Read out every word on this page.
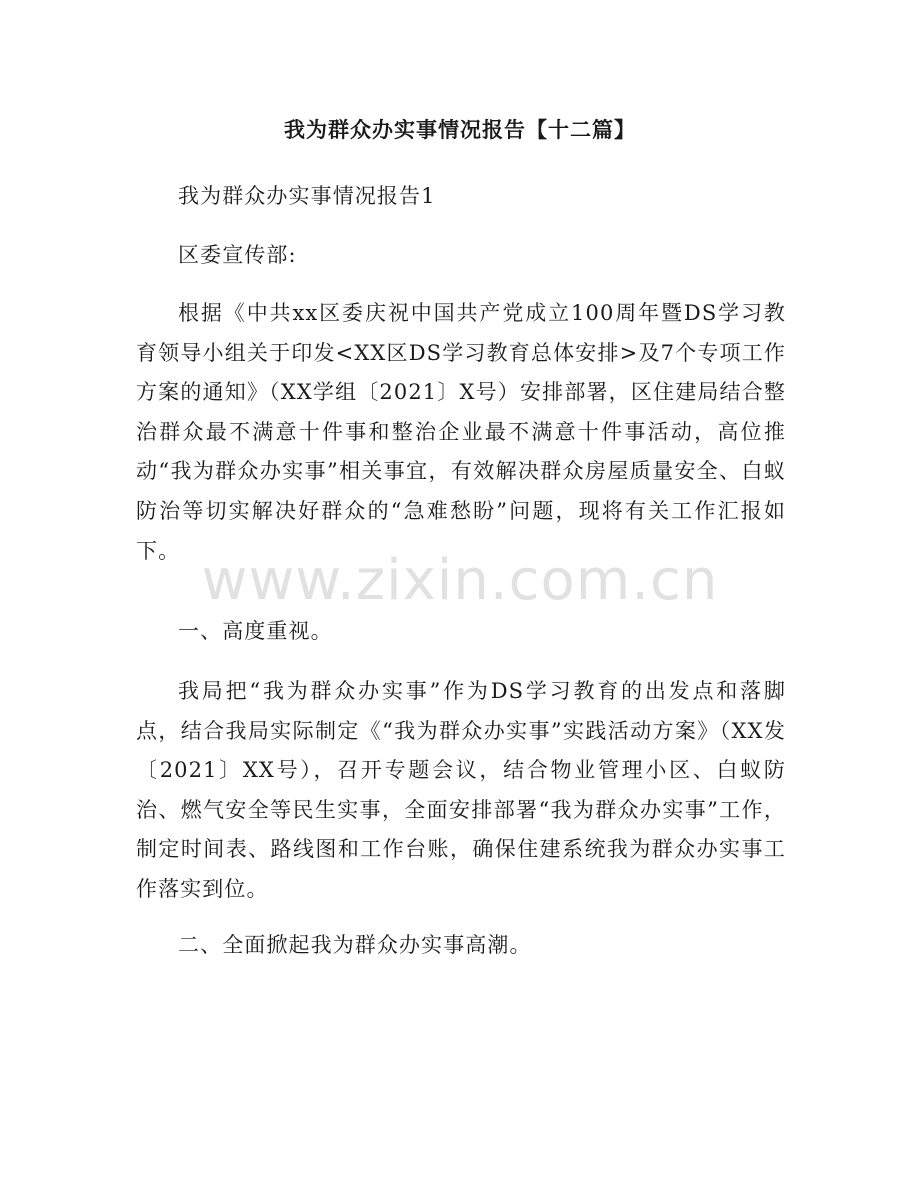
我为群众办实事情况报告【十二篇】

我为群众办实事情况报告1

区委宣传部:

根据《中共xx区委庆祝中国共产党成立100周年暨DS学习教育领导小组关于印发<XX区DS学习教育总体安排>及7个专项工作方案的通知》（XX学组〔2021〕X号）安排部署，区住建局结合整治群众最不满意十件事和整治企业最不满意十件事活动，高位推动“我为群众办实事”相关事宜，有效解决群众房屋质量安全、白蚁防治等切实解决好群众的“急难愁盼”问题，现将有关工作汇报如下。

一、高度重视。

我局把“我为群众办实事”作为DS学习教育的出发点和落脚点，结合我局实际制定《“我为群众办实事”实践活动方案》（XX发〔2021〕XX号），召开专题会议，结合物业管理小区、白蚁防治、燃气安全等民生实事，全面安排部署“我为群众办实事”工作，制定时间表、路线图和工作台账，确保住建系统我为群众办实事工作落实到位。

二、全面掀起我为群众办实事高潮。

www.zixin.com.cn
